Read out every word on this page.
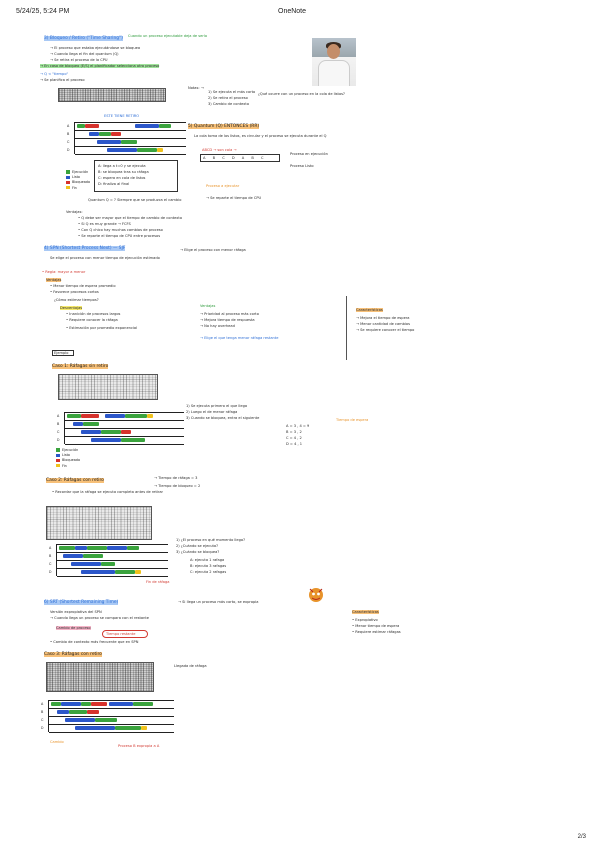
5/24/25, 5:24 PM	OneNote
3) Bloqueo / Retiro ("Time Sharing") Cuando un proceso ejecutable deja de serlo
→ El proceso que estaba ejecutándose se bloquea
→ Cuando llega el fin del quantum (Q)
→ Se retira el proceso de la CPU
→ En caso de bloqueo (E/S) el planificador selecciona otro proceso
→ Q < "tiempo"
→ Se planifica el proceso
Notas: →
1) Se ejecuta el más corto
2) Se retira el proceso
3) Cambio de contexto
¿Qué ocurre con un proceso en la cola de listos?
ESTE TIENE RETIRO
A
B
C
D
Ejecución
Listo
Bloqueado
Fin
A: llega a t=0 y se ejecuta
B: se bloquea tras su ráfaga
C: espera en cola de listos
D: finaliza al final
Quantum Q = ? Siempre que se produzca el cambio
Ventajas:
• Q debe ser mayor que el tiempo de cambio de contexto
• Si Q es muy grande → FCFS
• Con Q chico hay muchos cambios de proceso
• Se reparte el tiempo de CPU entre procesos
5) Quantum (Q) ENTONCES (RR)
La cola toma de los listos, es circular y el proceso se ejecuta durante el Q
ABCD → son cola →
A B C D A B C
Proceso en ejecución
Proceso Listo
Proceso a ejecutar
→ Se reparte el tiempo de CPU
4) SPN (Shortest Process Next) — SJF	→ Elige el proceso con menor ráfaga
Se elige el proceso con menor tiempo de ejecución estimado
• Regla: mayor a menor
Ventajas
• Menor tiempo de espera promedio
• Favorece procesos cortos
¿Cómo estimar tiempos?
Desventajas
• Inanición de procesos largos
• Requiere conocer la ráfaga
• Estimación por promedio exponencial
Ejemplo
Ventajas
→ Prioridad al proceso más corto
→ Mejora tiempo de respuesta
→ No hay overhead
→ Elige el que tenga menor ráfaga restante
Características
→ Mejora el tiempo de espera
→ Menor cantidad de cambios
→ Se requiere conocer el tiempo
Caso 1: Ráfagas sin retiro
A
B
C
D
Ejecución
Listo
Bloqueado
Fin
1) Se ejecuta primero el que llega
2) Luego el de menor ráfaga
3) Cuando se bloquea, entra el siguiente	Tiempo de espera
A = 3 , 4 = 9
B = 3 , 2
C = 4 , 2
D = 4 , 1
Caso 2: Ráfagas con retiro	→ Tiempo de ráfaga = 3
→ Tiempo de bloqueo = 2
• Recordar que la ráfaga se ejecuta completa antes de retirar
A
B
C
D
1) ¿El proceso en qué momento llega?
2) ¿Cuándo se ejecuta?
3) ¿Cuándo se bloquea?
A: ejecuta 1 rafaga
B: ejecuta 3 rafagas
C: ejecuta 2 rafagas
Fin de ráfaga
6) SRT (Shortest Remaining Time)	→ Si llega un proceso más corto, se expropia
Versión expropiativa del SPN
→ Cuando llega un proceso se compara con el restante
Cambio de proceso
Tiempo restante
• Cambio de contexto más frecuente que en SPN
Características
• Expropiativo
• Menor tiempo de espera
• Requiere estimar ráfagas
Caso 3: Ráfagas con retiro
Llegada de ráfaga
A
B
C
D
Cambio
Proceso B expropia a A
2/3
